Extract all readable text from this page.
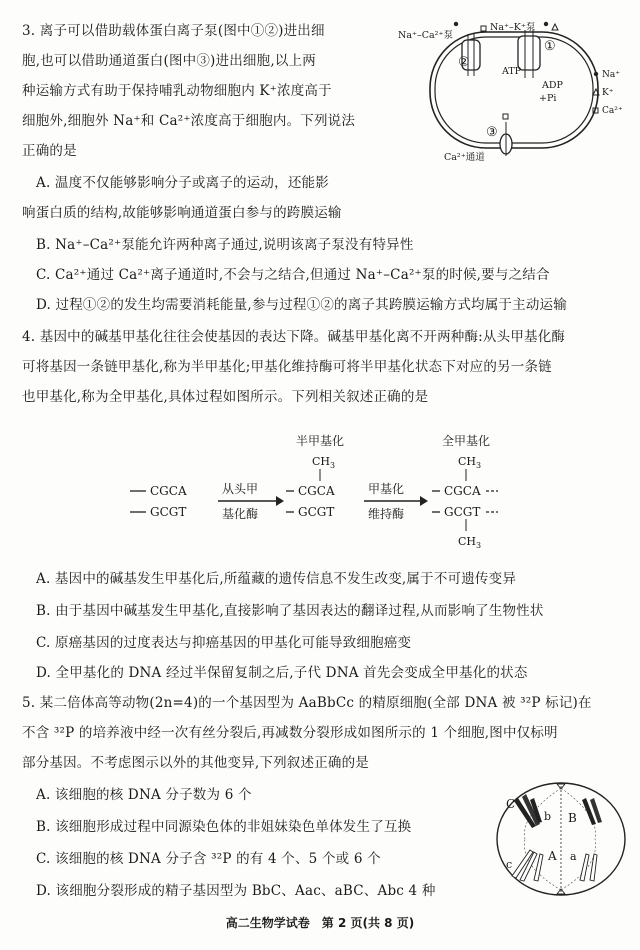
3. 离子可以借助载体蛋白离子泵(图中①②)进出细
胞,也可以借助通道蛋白(图中③)进出细胞,以上两
种运输方式有助于保持哺乳动物细胞内 K⁺浓度高于
细胞外,细胞外 Na⁺和 Ca²⁺浓度高于细胞内。下列说法
正确的是
A. 温度不仅能够影响分子或离子的运动，还能影
响蛋白质的结构,故能够影响通道蛋白参与的跨膜运输
B. Na⁺–Ca²⁺泵能允许两种离子通过,说明该离子泵没有特异性
C. Ca²⁺通过 Ca²⁺离子通道时,不会与之结合,但通过 Na⁺–Ca²⁺泵的时候,要与之结合
D. 过程①②的发生均需要消耗能量,参与过程①②的离子其跨膜运输方式均属于主动运输
Na⁺–Ca²⁺泵
Na⁺–K⁺泵
①
②
③
ATP
ADP
+Pi
Ca²⁺通道
Na⁺
K⁺
Ca²⁺
4. 基因中的碱基甲基化往往会使基因的表达下降。碱基甲基化离不开两种酶:从头甲基化酶
可将基因一条链甲基化,称为半甲基化;甲基化维持酶可将半甲基化状态下对应的另一条链
也甲基化,称为全甲基化,具体过程如图所示。下列相关叙述正确的是
CGCA
GCGT
从头甲
基化酶
半甲基化
$CH_3$
CGCA
GCGT
甲基化
维持酶
全甲基化
$CH_3$
CGCA
GCGT
$CH_3$
A. 基因中的碱基发生甲基化后,所蕴藏的遗传信息不发生改变,属于不可遗传变异
B. 由于基因中碱基发生甲基化,直接影响了基因表达的翻译过程,从而影响了生物性状
C. 原癌基因的过度表达与抑癌基因的甲基化可能导致细胞癌变
D. 全甲基化的 DNA 经过半保留复制之后,子代 DNA 首先会变成全甲基化的状态
5. 某二倍体高等动物(2n=4)的一个基因型为 AaBbCc 的精原细胞(全部 DNA 被 ³²P 标记)在
不含 ³²P 的培养液中经一次有丝分裂后,再减数分裂形成如图所示的 1 个细胞,图中仅标明
部分基因。不考虑图示以外的其他变异,下列叙述正确的是
A. 该细胞的核 DNA 分子数为 6 个
B. 该细胞形成过程中同源染色体的非姐妹染色单体发生了互换
C. 该细胞的核 DNA 分子含 ³²P 的有 4 个、5 个或 6 个
D. 该细胞分裂形成的精子基因型为 BbC、Aac、aBC、Abc 4 种
C
b B
c
A a
高二生物学试卷　第 2 页(共 8 页)
